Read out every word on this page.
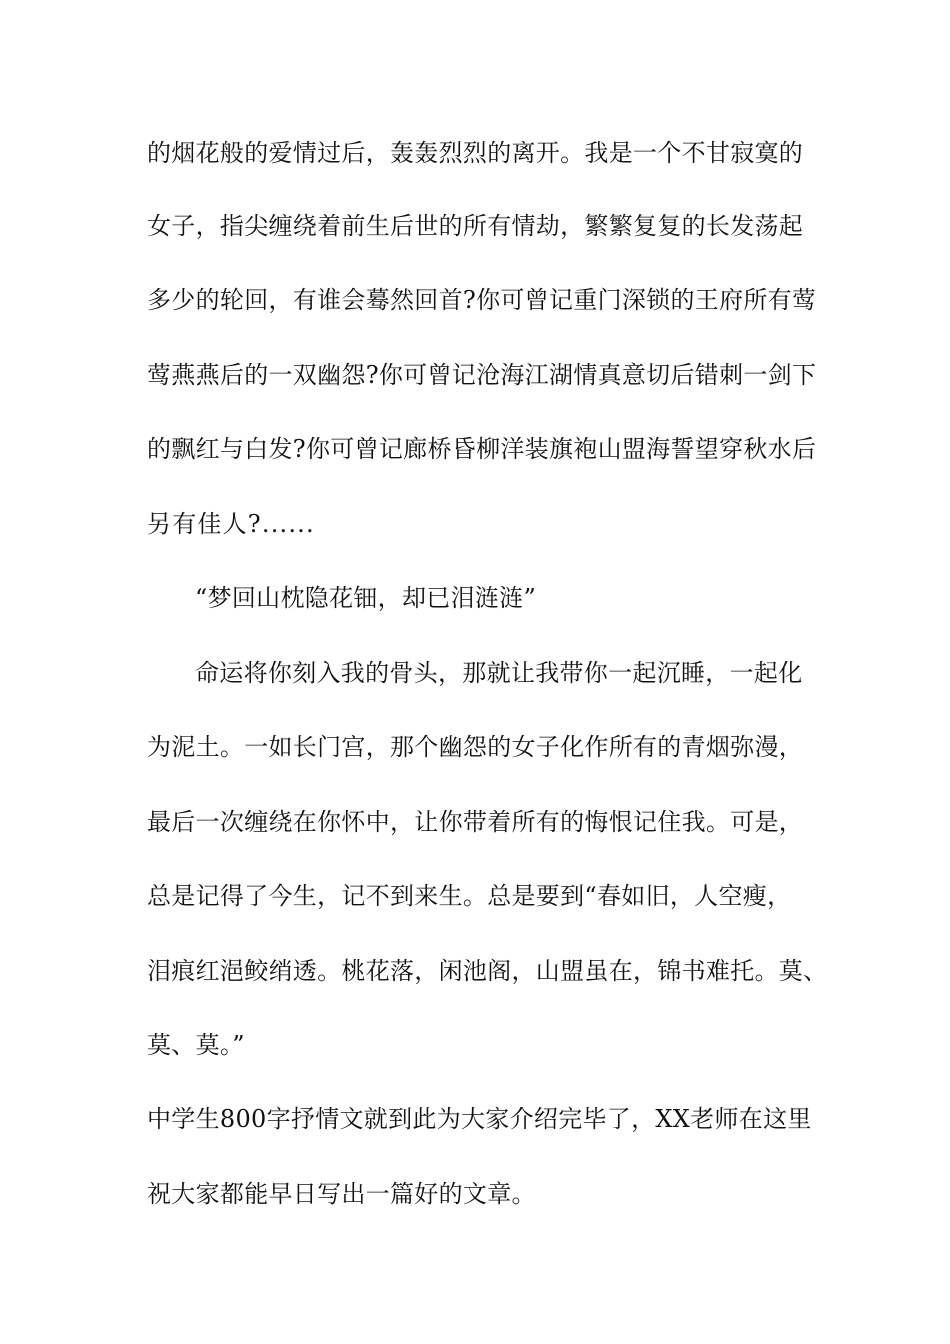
的烟花般的爱情过后，轰轰烈烈的离开。我是一个不甘寂寞的
女子，指尖缠绕着前生后世的所有情劫，繁繁复复的长发荡起
多少的轮回，有谁会蓦然回首?你可曾记重门深锁的王府所有莺
莺燕燕后的一双幽怨?你可曾记沧海江湖情真意切后错刺一剑下
的飘红与白发?你可曾记廊桥昏柳洋装旗袍山盟海誓望穿秋水后
另有佳人?......
“梦回山枕隐花钿，却已泪涟涟”
命运将你刻入我的骨头，那就让我带你一起沉睡，一起化
为泥土。一如长门宫，那个幽怨的女子化作所有的青烟弥漫，
最后一次缠绕在你怀中，让你带着所有的悔恨记住我。可是，
总是记得了今生，记不到来生。总是要到“春如旧，人空瘦，
泪痕红浥鲛绡透。桃花落，闲池阁，山盟虽在，锦书难托。莫、
莫、莫。”
中学生800字抒情文就到此为大家介绍完毕了，XX老师在这里
祝大家都能早日写出一篇好的文章。
